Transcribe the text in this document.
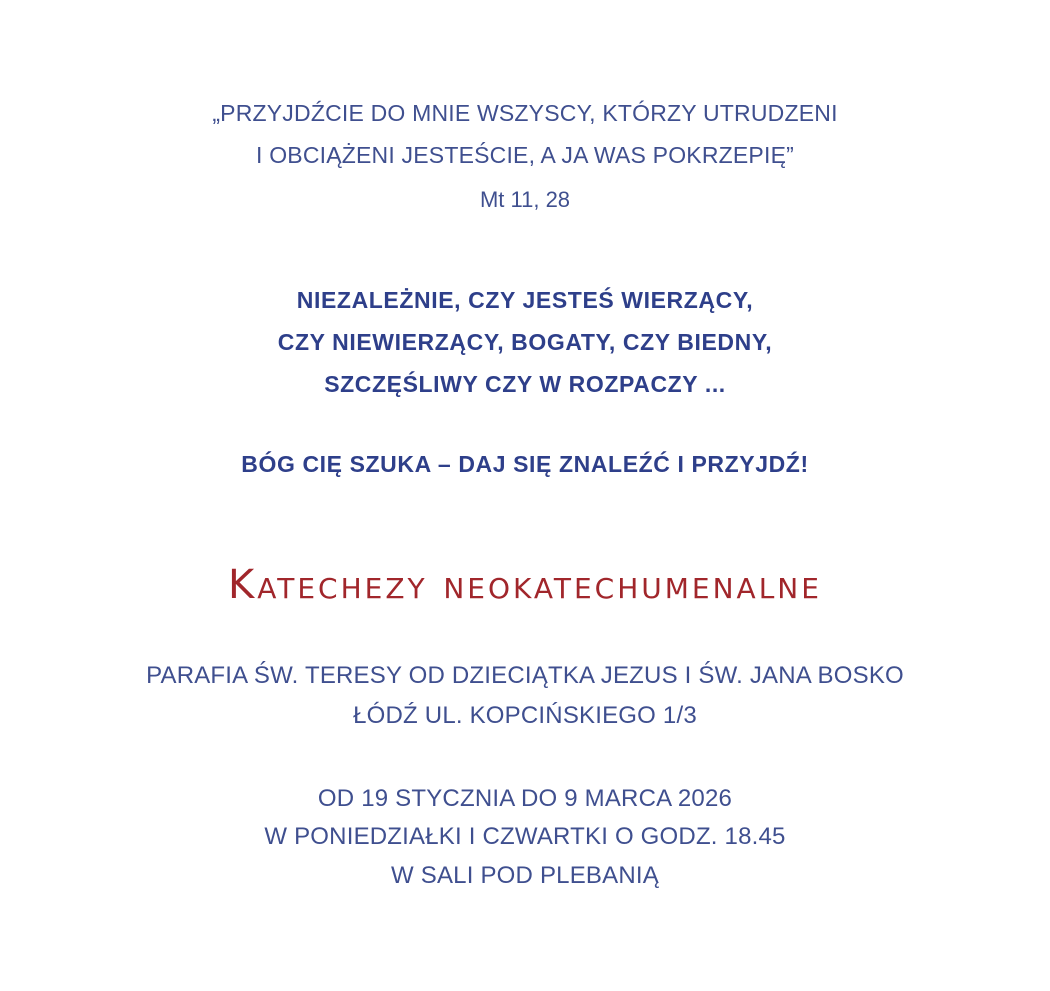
„PRZYJDŹCIE DO MNIE WSZYSCY, KTÓRZY UTRUDZENI

I OBCIĄŻENI JESTEŚCIE, A JA WAS POKRZEPIĘ”

Mt 11, 28

NIEZALEŻNIE, CZY JESTEŚ WIERZĄCY,

CZY NIEWIERZĄCY, BOGATY, CZY BIEDNY,

SZCZĘŚLIWY CZY W ROZPACZY ...

BÓG CIĘ SZUKA – DAJ SIĘ ZNALEŹĆ I PRZYJDŹ!

Katechezy neokatechumenalne

PARAFIA ŚW. TERESY OD DZIECIĄTKA JEZUS I ŚW. JANA BOSKO

ŁÓDŹ UL. KOPCIŃSKIEGO 1/3

OD 19 STYCZNIA DO 9 MARCA 2026

W PONIEDZIAŁKI I CZWARTKI O GODZ. 18.45

W SALI POD PLEBANIĄ
